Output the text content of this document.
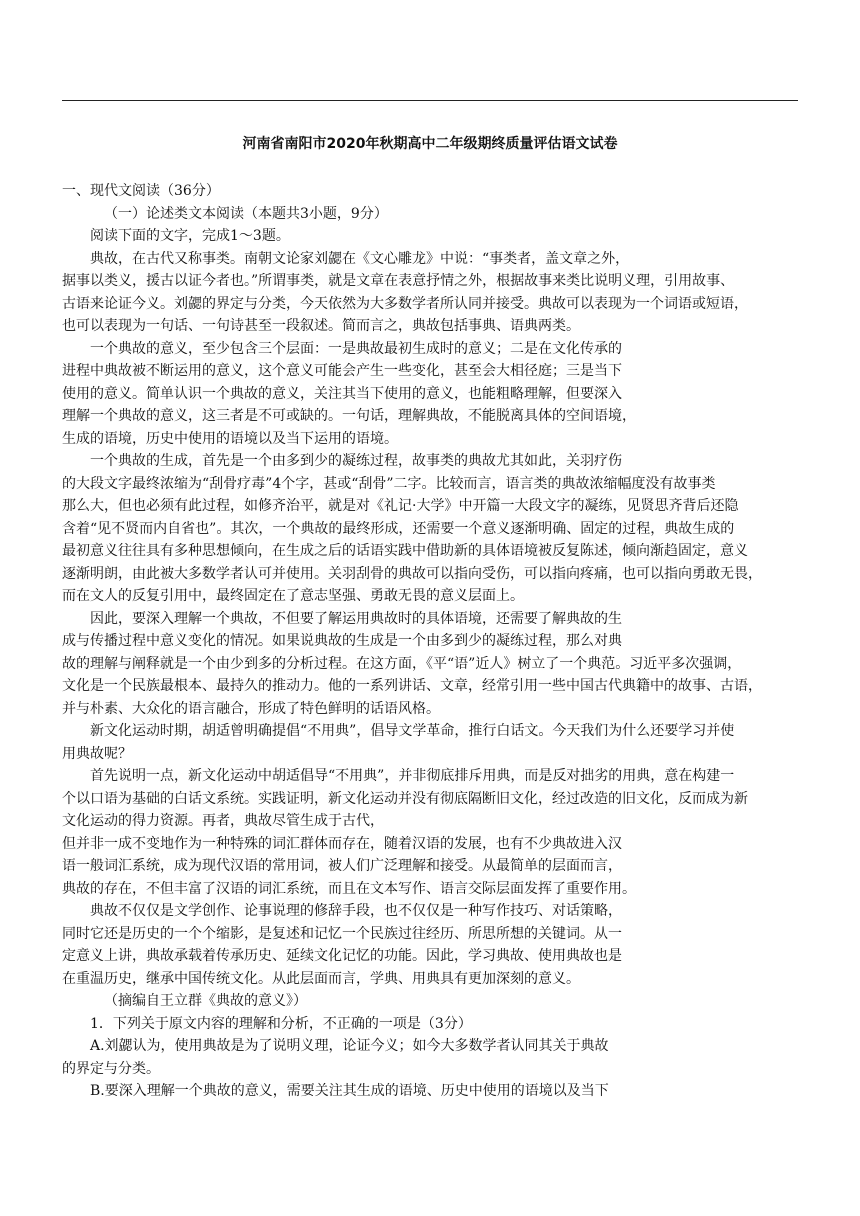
河南省南阳市2020年秋期高中二年级期终质量评估语文试卷
一、现代文阅读（36分）
（一）论述类文本阅读（本题共3小题，9分）
阅读下面的文字，完成1～3题。
典故，在古代又称事类。南朝文论家刘勰在《文心雕龙》中说：“事类者，盖文章之外，
据事以类义，援古以证今者也。”所谓事类，就是文章在表意抒情之外，根据故事来类比说明义理，引用故事、
古语来论证今义。刘勰的界定与分类，今天依然为大多数学者所认同并接受。典故可以表现为一个词语或短语，
也可以表现为一句话、一句诗甚至一段叙述。简而言之，典故包括事典、语典两类。
一个典故的意义，至少包含三个层面：一是典故最初生成时的意义；二是在文化传承的
进程中典故被不断运用的意义，这个意义可能会产生一些变化，甚至会大相径庭；三是当下
使用的意义。简单认识一个典故的意义，关注其当下使用的意义，也能粗略理解，但要深入
理解一个典故的意义，这三者是不可或缺的。一句话，理解典故，不能脱离具体的空间语境，
生成的语境，历史中使用的语境以及当下运用的语境。
一个典故的生成，首先是一个由多到少的凝练过程，故事类的典故尤其如此，关羽疗伤
的大段文字最终浓缩为“刮骨疗毒”4个字，甚或“刮骨”二字。比较而言，语言类的典故浓缩幅度没有故事类
那么大，但也必须有此过程，如修齐治平，就是对《礼记·大学》中开篇一大段文字的凝练，见贤思齐背后还隐
含着“见不贤而内自省也”。其次，一个典故的最终形成，还需要一个意义逐渐明确、固定的过程，典故生成的
最初意义往往具有多种思想倾向，在生成之后的话语实践中借助新的具体语境被反复陈述，倾向渐趋固定，意义
逐渐明朗，由此被大多数学者认可并使用。关羽刮骨的典故可以指向受伤，可以指向疼痛，也可以指向勇敢无畏，
而在文人的反复引用中，最终固定在了意志坚强、勇敢无畏的意义层面上。
因此，要深入理解一个典故，不但要了解运用典故时的具体语境，还需要了解典故的生
成与传播过程中意义变化的情况。如果说典故的生成是一个由多到少的凝练过程，那么对典
故的理解与阐释就是一个由少到多的分析过程。在这方面，《平“语”近人》树立了一个典范。习近平多次强调，
文化是一个民族最根本、最持久的推动力。他的一系列讲话、文章，经常引用一些中国古代典籍中的故事、古语，
并与朴素、大众化的语言融合，形成了特色鲜明的话语风格。
新文化运动时期，胡适曾明确提倡“不用典”，倡导文学革命，推行白话文。今天我们为什么还要学习并使
用典故呢？
首先说明一点，新文化运动中胡适倡导“不用典”，并非彻底排斥用典，而是反对拙劣的用典，意在构建一
个以口语为基础的白话文系统。实践证明，新文化运动并没有彻底隔断旧文化，经过改造的旧文化，反而成为新
文化运动的得力资源。再者，典故尽管生成于古代，
但并非一成不变地作为一种特殊的词汇群体而存在，随着汉语的发展，也有不少典故进入汉
语一般词汇系统，成为现代汉语的常用词，被人们广泛理解和接受。从最简单的层面而言，
典故的存在，不但丰富了汉语的词汇系统，而且在文本写作、语言交际层面发挥了重要作用。
典故不仅仅是文学创作、论事说理的修辞手段，也不仅仅是一种写作技巧、对话策略，
同时它还是历史的一个个缩影，是复述和记忆一个民族过往经历、所思所想的关键词。从一
定意义上讲，典故承载着传承历史、延续文化记忆的功能。因此，学习典故、使用典故也是
在重温历史，继承中国传统文化。从此层面而言，学典、用典具有更加深刻的意义。
（摘编自王立群《典故的意义》）
1．下列关于原文内容的理解和分析，不正确的一项是（3分）
A.刘勰认为，使用典故是为了说明义理，论证今义；如今大多数学者认同其关于典故
的界定与分类。
B.要深入理解一个典故的意义，需要关注其生成的语境、历史中使用的语境以及当下
